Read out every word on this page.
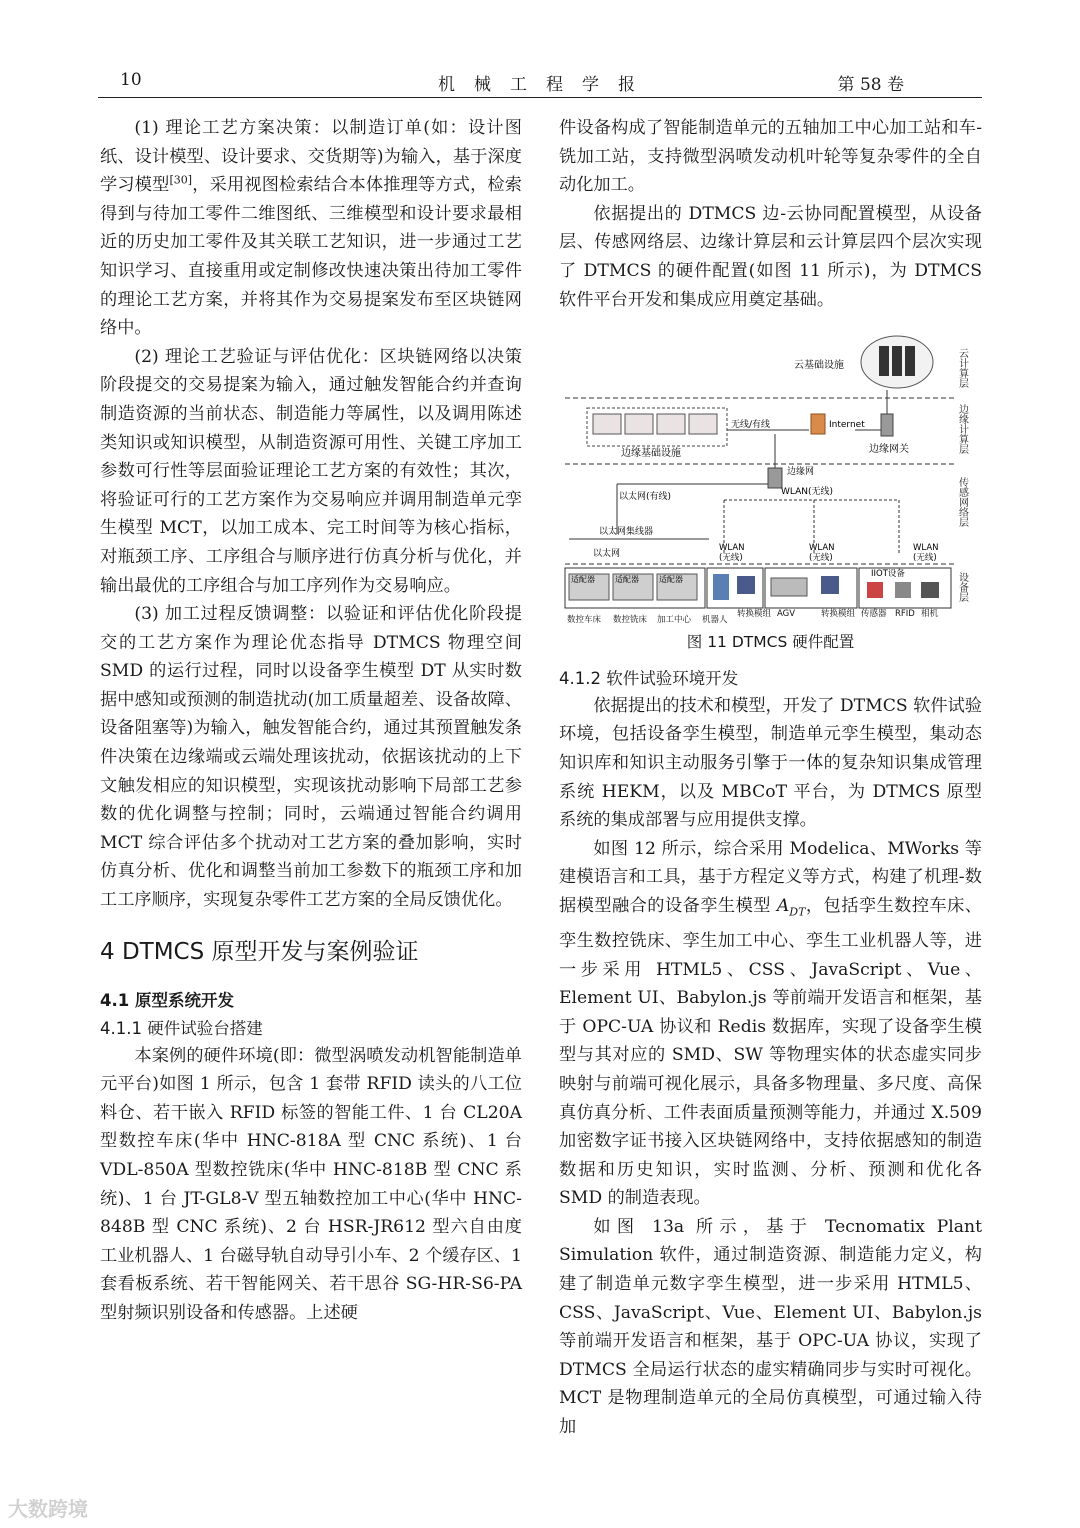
10	机械工程学报	第 58 卷

(1) 理论工艺方案决策：以制造订单(如：设计图纸、设计模型、设计要求、交货期等)为输入，基于深度学习模型[30]，采用视图检索结合本体推理等方式，检索得到与待加工零件二维图纸、三维模型和设计要求最相近的历史加工零件及其关联工艺知识，进一步通过工艺知识学习、直接重用或定制修改快速决策出待加工零件的理论工艺方案，并将其作为交易提案发布至区块链网络中。

(2) 理论工艺验证与评估优化：区块链网络以决策阶段提交的交易提案为输入，通过触发智能合约并查询制造资源的当前状态、制造能力等属性，以及调用陈述类知识或知识模型，从制造资源可用性、关键工序加工参数可行性等层面验证理论工艺方案的有效性；其次，将验证可行的工艺方案作为交易响应并调用制造单元孪生模型 MCT，以加工成本、完工时间等为核心指标，对瓶颈工序、工序组合与顺序进行仿真分析与优化，并输出最优的工序组合与加工序列作为交易响应。

(3) 加工过程反馈调整：以验证和评估优化阶段提交的工艺方案作为理论优态指导 DTMCS 物理空间 SMD 的运行过程，同时以设备孪生模型 DT 从实时数据中感知或预测的制造扰动(加工质量超差、设备故障、设备阻塞等)为输入，触发智能合约，通过其预置触发条件决策在边缘端或云端处理该扰动，依据该扰动的上下文触发相应的知识模型，实现该扰动影响下局部工艺参数的优化调整与控制；同时，云端通过智能合约调用 MCT 综合评估多个扰动对工艺方案的叠加影响，实时仿真分析、优化和调整当前加工参数下的瓶颈工序和加工工序顺序，实现复杂零件工艺方案的全局反馈优化。

4 DTMCS 原型开发与案例验证
4.1 原型系统开发
4.1.1 硬件试验台搭建

本案例的硬件环境(即：微型涡喷发动机智能制造单元平台)如图 1 所示，包含 1 套带 RFID 读头的八工位料仓、若干嵌入 RFID 标签的智能工件、1 台 CL20A 型数控车床(华中 HNC-818A 型 CNC 系统)、1 台 VDL-850A 型数控铣床(华中 HNC-818B 型 CNC 系统)、1 台 JT-GL8-V 型五轴数控加工中心(华中 HNC-848B 型 CNC 系统)、2 台 HSR-JR612 型六自由度工业机器人、1 台磁导轨自动导引小车、2 个缓存区、1 套看板系统、若干智能网关、若干思谷 SG-HR-S6-PA 型射频识别设备和传感器。上述硬

件设备构成了智能制造单元的五轴加工中心加工站和车-铣加工站，支持微型涡喷发动机叶轮等复杂零件的全自动化加工。

依据提出的 DTMCS 边-云协同配置模型，从设备层、传感网络层、边缘计算层和云计算层四个层次实现了 DTMCS 的硬件配置(如图 11 所示)，为 DTMCS 软件平台开发和集成应用奠定基础。

云计算层
边缘计算层
传感网络层
设备层
云基础设施
边缘基础设施
无线/有线	Internet
边缘网关
边缘网
WLAN(无线)
以太网(有线)
以太网集线器
以太网
WLAN
(无线)
WLAN
(无线)
WLAN
(无线)
适配器	适配器	适配器
IIOT设备
数控车床 数控铣床 加工中心 机器人
转换模组 AGV	转换模组 传感器 RFID 相机
图 11 DTMCS 硬件配置
4.1.2 软件试验环境开发

依据提出的技术和模型，开发了 DTMCS 软件试验环境，包括设备孪生模型，制造单元孪生模型，集动态知识库和知识主动服务引擎于一体的复杂知识集成管理系统 HEKM，以及 MBCoT 平台，为 DTMCS 原型系统的集成部署与应用提供支撑。

如图 12 所示，综合采用 Modelica、MWorks 等建模语言和工具，基于方程定义等方式，构建了机理-数据模型融合的设备孪生模型 $A_{DT}$，包括孪生数控车床、孪生数控铣床、孪生加工中心、孪生工业机器人等，进一步采用 HTML5、CSS、JavaScript、Vue、Element UI、Babylon.js 等前端开发语言和框架，基于 OPC-UA 协议和 Redis 数据库，实现了设备孪生模型与其对应的 SMD、SW 等物理实体的状态虚实同步映射与前端可视化展示，具备多物理量、多尺度、高保真仿真分析、工件表面质量预测等能力，并通过 X.509 加密数字证书接入区块链网络中，支持依据感知的制造数据和历史知识，实时监测、分析、预测和优化各 SMD 的制造表现。

如图 13a 所示，基于 Tecnomatix Plant Simulation 软件，通过制造资源、制造能力定义，构建了制造单元数字孪生模型，进一步采用 HTML5、CSS、JavaScript、Vue、Element UI、Babylon.js 等前端开发语言和框架，基于 OPC-UA 协议，实现了 DTMCS 全局运行状态的虚实精确同步与实时可视化。MCT 是物理制造单元的全局仿真模型，可通过输入待加

大数跨境
